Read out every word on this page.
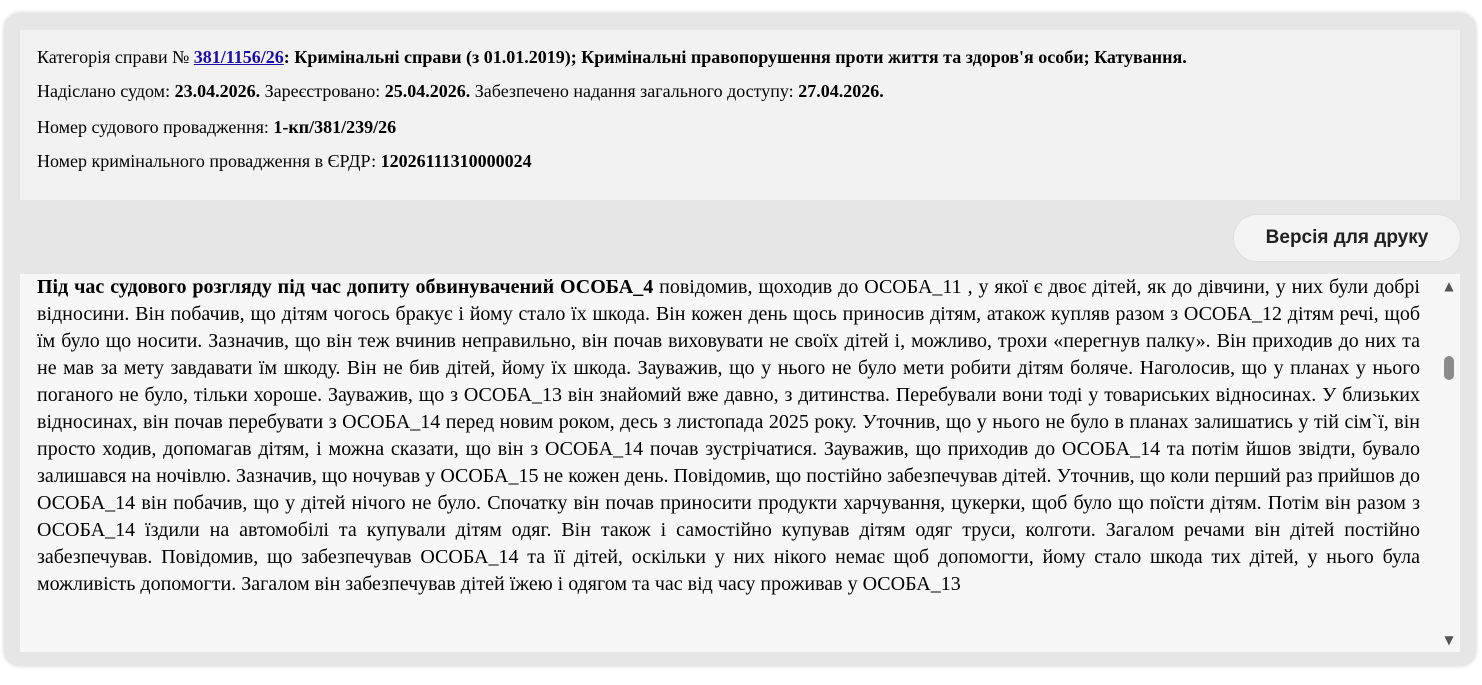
Категорія справи № 381/1156/26: Кримінальні справи (з 01.01.2019); Кримінальні правопорушення проти життя та здоров'я особи; Катування.
Надіслано судом: 23.04.2026. Зареєстровано: 25.04.2026. Забезпечено надання загального доступу: 27.04.2026.
Номер судового провадження: 1-кп/381/239/26
Номер кримінального провадження в ЄРДР: 12026111310000024
Версія для друку
Під час судового розгляду під час допиту обвинувачений ОСОБА_4 повідомив, щоходив до ОСОБА_11 , у якої є двоє дітей, як до дівчини, у них були добрі відносини. Він побачив, що дітям чогось бракує і йому стало їх шкода. Він кожен день щось приносив дітям, атакож купляв разом з ОСОБА_12 дітям речі, щоб їм було що носити. Зазначив, що він теж вчинив неправильно, він почав виховувати не своїх дітей і, можливо, трохи «перегнув палку». Він приходив до них та не мав за мету завдавати їм шкоду. Він не бив дітей, йому їх шкода. Зауважив, що у нього не було мети робити дітям боляче. Наголосив, що у планах у нього поганого не було, тільки хороше. Зауважив, що з ОСОБА_13 він знайомий вже давно, з дитинства. Перебували вони тоді у товариських відносинах. У близьких відносинах, він почав перебувати з ОСОБА_14 перед новим роком, десь з листопада 2025 року. Уточнив, що у нього не було в планах залишатись у тій сім`ї, він просто ходив, допомагав дітям, і можна сказати, що він з ОСОБА_14 почав зустрічатися. Зауважив, що приходив до ОСОБА_14 та потім йшов звідти, бувало залишався на ночівлю. Зазначив, що ночував у ОСОБА_15 не кожен день. Повідомив, що постійно забезпечував дітей. Уточнив, що коли перший раз прийшов до ОСОБА_14 він побачив, що у дітей нічого не було. Спочатку він почав приносити продукти харчування, цукерки, щоб було що поїсти дітям. Потім він разом з ОСОБА_14 їздили на автомобілі та купували дітям одяг. Він також і самостійно купував дітям одяг труси, колготи. Загалом речами він дітей постійно забезпечував. Повідомив, що забезпечував ОСОБА_14 та її дітей, оскільки у них нікого немає щоб допомогти, йому стало шкода тих дітей, у нього була можливість допомогти. Загалом він забезпечував дітей їжею і одягом та час від часу проживав у ОСОБА_13
▲
▼
